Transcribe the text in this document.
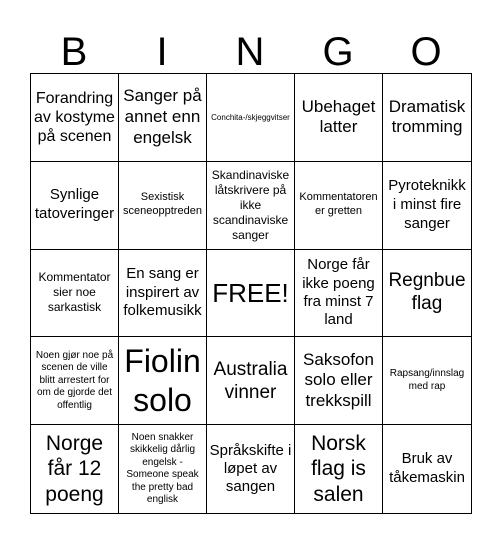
B	I	N	G	O
Forandring av kostyme på scenen
Sanger på annet enn engelsk
Conchita-/skjeggvitser
Ubehaget latter
Dramatisk tromming
Synlige tatoveringer
Sexistisk sceneopptreden
Skandinaviske låtskrivere på ikke scandinaviske sanger
Kommentatoren er gretten
Pyroteknikk i minst fire sanger
Kommentator sier noe sarkastisk
En sang er inspirert av folkemusikk
FREE!
Norge får ikke poeng fra minst 7 land
Regnbue flag
Noen gjør noe på scenen de ville blitt arrestert for om de gjorde det offentlig
Fiolin solo
Australia vinner
Saksofon solo eller trekkspill
Rapsang/innslag med rap
Norge får 12 poeng
Noen snakker skikkelig dårlig engelsk - Someone speak the pretty bad englisk
Språkskifte i løpet av sangen
Norsk flag is salen
Bruk av tåkemaskin
